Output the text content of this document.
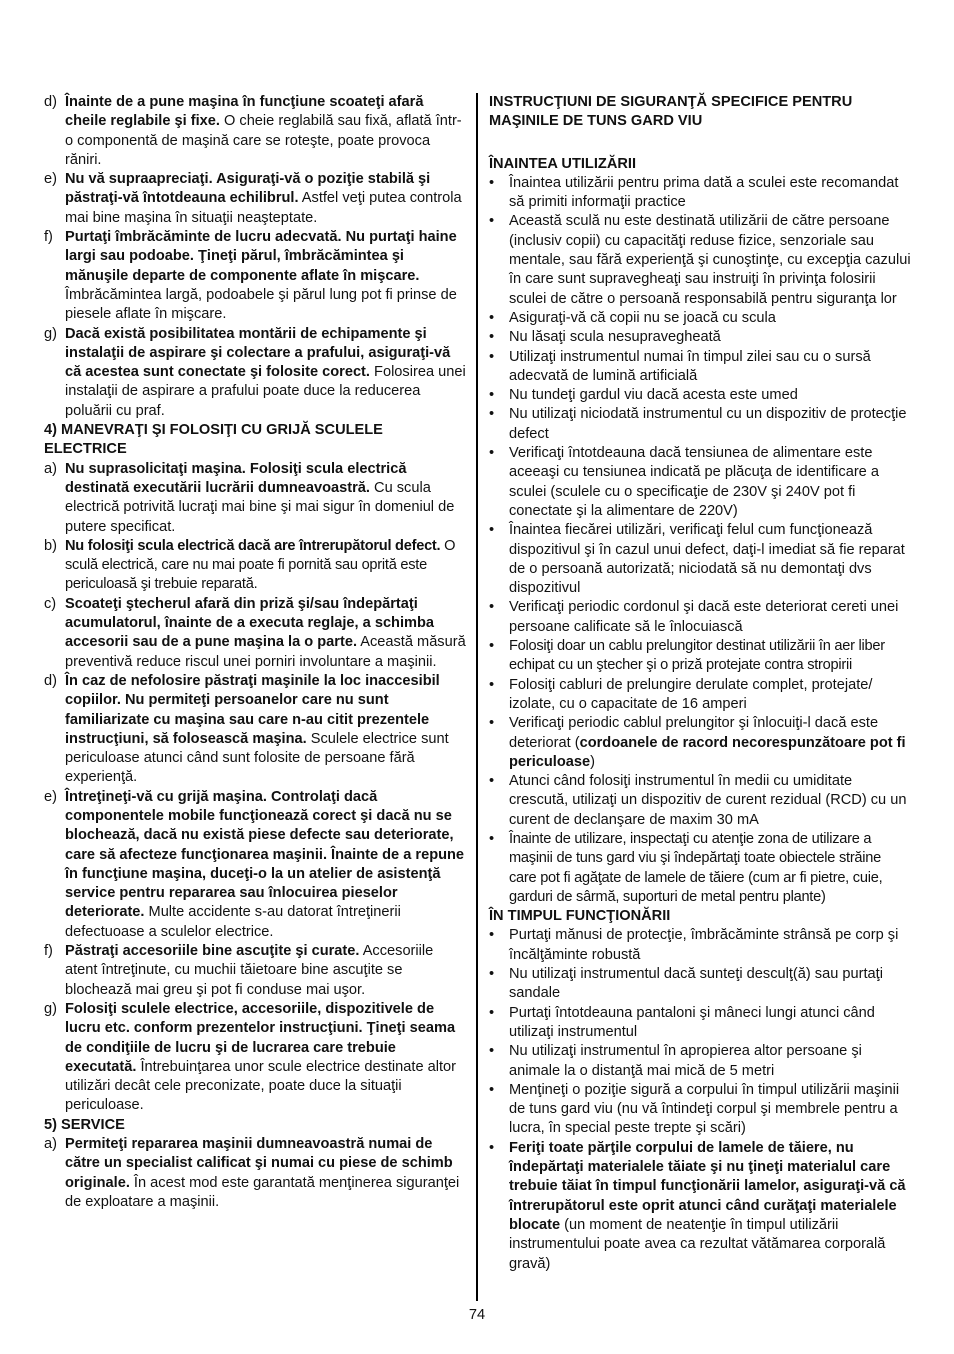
d) Înainte de a pune maşina în funcţiune scoateţi afară cheile reglabile şi fixe. O cheie reglabilă sau fixă, aflată într-o componentă de maşină care se roteşte, poate provoca răniri.
e) Nu vă supraapreciaţi. Asiguraţi-vă o poziţie stabilă şi păstraţi-vă întotdeauna echilibrul. Astfel veţi putea controla mai bine maşina în situaţii neaşteptate.
f) Purtaţi îmbrăcăminte de lucru adecvată. Nu purtaţi haine largi sau podoabe. Ţineţi părul, îmbrăcămintea şi mănuşile departe de componente aflate în mişcare. Îmbrăcămintea largă, podoabele şi părul lung pot fi prinse de piesele aflate în mişcare.
g) Dacă există posibilitatea montării de echipamente şi instalaţii de aspirare şi colectare a prafului, asiguraţi-vă că acestea sunt conectate şi folosite corect. Folosirea unei instalaţii de aspirare a prafului poate duce la reducerea poluării cu praf.
4) MANEVRAŢI ŞI FOLOSIŢI CU GRIJĂ SCULELE ELECTRICE
a) Nu suprasolicitaţi maşina. Folosiţi scula electrică destinată executării lucrării dumneavoastră. Cu scula electrică potrivită lucraţi mai bine şi mai sigur în domeniul de putere specificat.
b) Nu folosiţi scula electrică dacă are întrerupătorul defect. O sculă electrică, care nu mai poate fi pornită sau oprită este periculoasă şi trebuie reparată.
c) Scoateţi ştecherul afară din priză şi/sau îndepărtaţi acumulatorul, înainte de a executa reglaje, a schimba accesorii sau de a pune maşina la o parte. Această măsură preventivă reduce riscul unei porniri involuntare a maşinii.
d) În caz de nefolosire păstraţi maşinile la loc inaccesibil copiilor. Nu permiteţi persoanelor care nu sunt familiarizate cu maşina sau care n-au citit prezentele instrucţiuni, să folosească maşina. Sculele electrice sunt periculoase atunci când sunt folosite de persoane fără experienţă.
e) Întreţineţi-vă cu grijă maşina. Controlaţi dacă componentele mobile funcţionează corect şi dacă nu se blochează, dacă nu există piese defecte sau deteriorate, care să afecteze funcţionarea maşinii. Înainte de a repune în funcţiune maşina, duceţi-o la un atelier de asistenţă service pentru repararea sau înlocuirea pieselor deteriorate. Multe accidente s-au datorat întreţinerii defectuoase a sculelor electrice.
f) Păstraţi accesoriile bine ascuţite şi curate. Accesoriile atent întreţinute, cu muchii tăietoare bine ascuţite se blochează mai greu şi pot fi conduse mai uşor.
g) Folosiţi sculele electrice, accesoriile, dispozitivele de lucru etc. conform prezentelor instrucţiuni. Ţineţi seama de condiţiile de lucru şi de lucrarea care trebuie executată. Întrebuinţarea unor scule electrice destinate altor utilizări decât cele preconizate, poate duce la situaţii periculoase.
5) SERVICE
a) Permiteţi repararea maşinii dumneavoastră numai de către un specialist calificat şi numai cu piese de schimb originale. În acest mod este garantată menţinerea siguranţei de exploatare a maşinii.
INSTRUCŢIUNI DE SIGURANŢĂ SPECIFICE PENTRU MAŞINILE DE TUNS GARD VIU
ÎNAINTEA UTILIZĂRII
•	Înaintea utilizării pentru prima dată a sculei este recomandat să primiti informaţii practice
•	Această sculă nu este destinată utilizării de către persoane (inclusiv copii) cu capacităţi reduse fizice, senzoriale sau mentale, sau fără experienţă şi cunoştinţe, cu excepţia cazului în care sunt supravegheaţi sau instruiţi în privinţa folosirii sculei de către o persoană responsabilă pentru siguranţa lor
•	Asiguraţi-vă că copii nu se joacă cu scula
•	Nu lăsaţi scula nesupravegheată
•	Utilizaţi instrumentul numai în timpul zilei sau cu o sursă adecvată de lumină artificială
•	Nu tundeţi gardul viu dacă acesta este umed
•	Nu utilizaţi niciodată instrumentul cu un dispozitiv de protecţie defect
•	Verificaţi întotdeauna dacă tensiunea de alimentare este aceeaşi cu tensiunea indicată pe plăcuţa de identificare a sculei (sculele cu o specificaţie de 230V şi 240V pot fi conectate şi la alimentare de 220V)
•	Înaintea fiecărei utilizări, verificaţi felul cum funcţionează dispozitivul şi în cazul unui defect, daţi-l imediat să fie reparat de o persoană autorizată; niciodată să nu demontaţi dvs dispozitivul
•	Verificaţi periodic cordonul şi dacă este deteriorat cereti unei persoane calificate să le înlocuiască
•	Folosiţi doar un cablu prelungitor destinat utilizării în aer liber echipat cu un ştecher şi o priză protejate contra stropirii
•	Folosiţi cabluri de prelungire derulate complet, protejate/ izolate, cu o capacitate de 16 amperi
•	Verificaţi periodic cablul prelungitor şi înlocuiţi-l dacă este deteriorat (cordoanele de racord necorespunzătoare pot fi periculoase)
•	Atunci când folosiţi instrumentul în medii cu umiditate crescută, utilizaţi un dispozitiv de curent rezidual (RCD) cu un curent de declanşare de maxim 30 mA
•	Înainte de utilizare, inspectaţi cu atenţie zona de utilizare a maşinii de tuns gard viu şi îndepărtaţi toate obiectele străine care pot fi agăţate de lamele de tăiere (cum ar fi pietre, cuie, garduri de sârmă, suporturi de metal pentru plante)
ÎN TIMPUL FUNCŢIONĂRII
•	Purtaţi mănusi de protecţie, îmbrăcăminte strânsă pe corp şi încălţăminte robustă
•	Nu utilizaţi instrumentul dacă sunteţi desculţ(ă) sau purtaţi sandale
•	Purtaţi întotdeauna pantaloni şi mâneci lungi atunci când utilizaţi instrumentul
•	Nu utilizaţi instrumentul în apropierea altor persoane şi animale la o distanţă mai mică de 5 metri
•	Menţineţi o poziţie sigură a corpului în timpul utilizării maşinii de tuns gard viu (nu vă întindeţi corpul şi membrele pentru a lucra, în special peste trepte şi scări)
•	Feriţi toate părţile corpului de lamele de tăiere, nu îndepărtaţi materialele tăiate şi nu ţineţi materialul care trebuie tăiat în timpul funcţionării lamelor, asiguraţi-vă că întrerupătorul este oprit atunci când curăţaţi materialele blocate (un moment de neatenţie în timpul utilizării instrumentului poate avea ca rezultat vătămarea corporală gravă)
74
